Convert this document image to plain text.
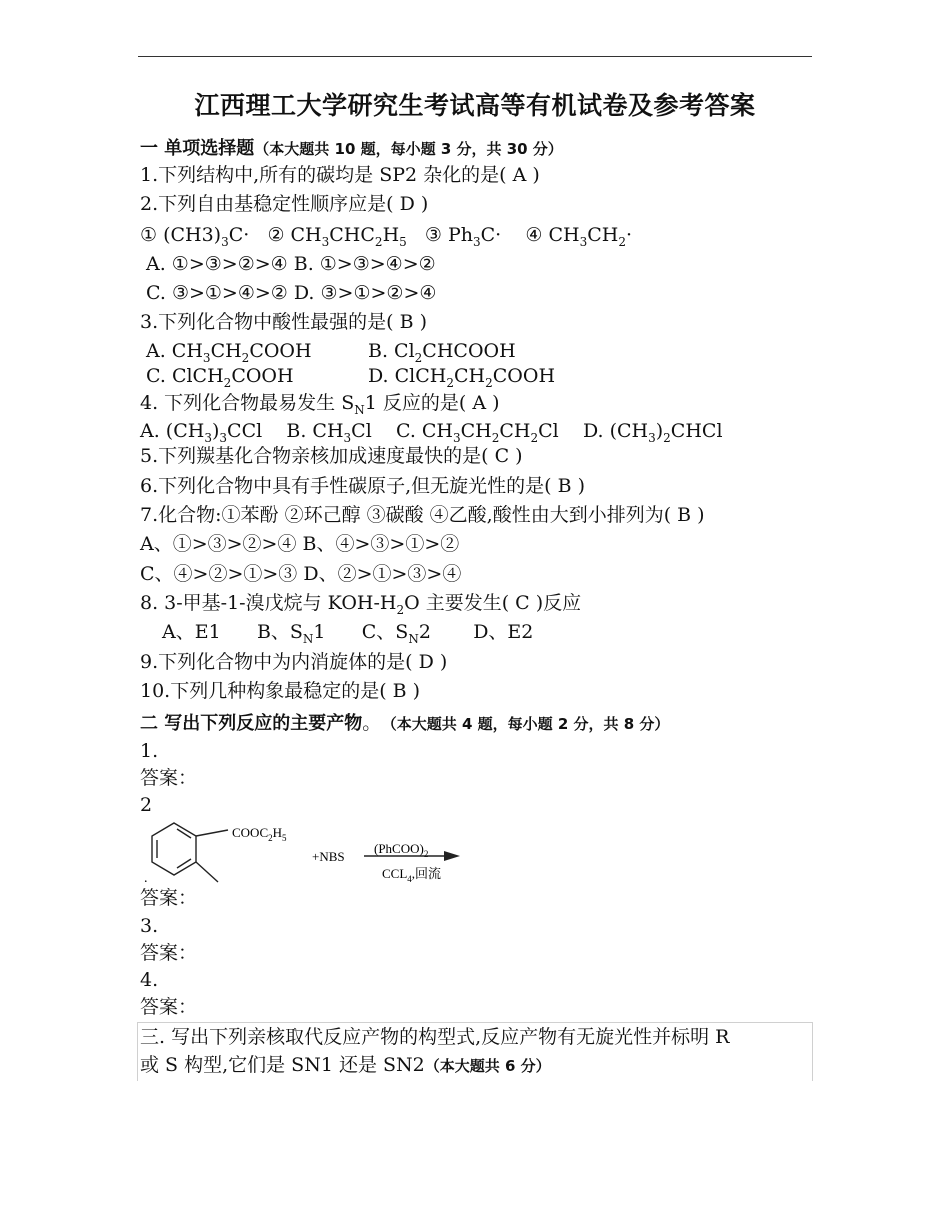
江西理工大学研究生考试高等有机试卷及参考答案
一 单项选择题（本大题共 10 题，每小题 3 分，共 30 分）
1.下列结构中,所有的碳均是 SP2 杂化的是( A )
2.下列自由基稳定性顺序应是( D )
① $(CH3)_3C\cdot$ ② $CH_3CHC_2H_5$ ③ $Ph_3C\cdot$ ④ $CH_3CH_2\cdot$
A. ①>③>②>④ B. ①>③>④>②
C. ③>①>④>② D. ③>①>②>④
3.下列化合物中酸性最强的是( B )
A. $CH_3CH_2COOH$	B. $Cl_2CHCOOH$
C. ClCH$_2$COOH	D. $ClCH_2CH_2COOH$
4. 下列化合物最易发生 $S_N1$ 反应的是( A )
A. $(CH_3)_3CCl$ B. $CH_3Cl$ C. $CH_3CH_2CH_2Cl$ D. $(CH_3)_2CHCl$
5.下列羰基化合物亲核加成速度最快的是( C )
6.下列化合物中具有手性碳原子,但无旋光性的是( B )
7.化合物:①苯酚 ②环己醇 ③碳酸 ④乙酸,酸性由大到小排列为( B )
A、①>③>②>④ B、④>③>①>②
C、④>②>①>③ D、②>①>③>④
8. 3-甲基-1-溴戊烷与 KOH-$H_2O$ 主要发生( C )反应
A、E1 B、$S_N1$ C、$S_N2$ D、E2
9.下列化合物中为内消旋体的是( D )
10.下列几种构象最稳定的是( B )
二 写出下列反应的主要产物。 （本大题共 4 题，每小题 2 分，共 8 分）
1.
答案：
2
$COOC_2H_5$
+NBS
$(PhCOO)_2$
$CCL_4$,回流
.
答案：
3.
答案：
4.
答案：
三. 写出下列亲核取代反应产物的构型式,反应产物有无旋光性并标明 R
或 S 构型,它们是 SN1 还是 SN2（本大题共 6 分）
